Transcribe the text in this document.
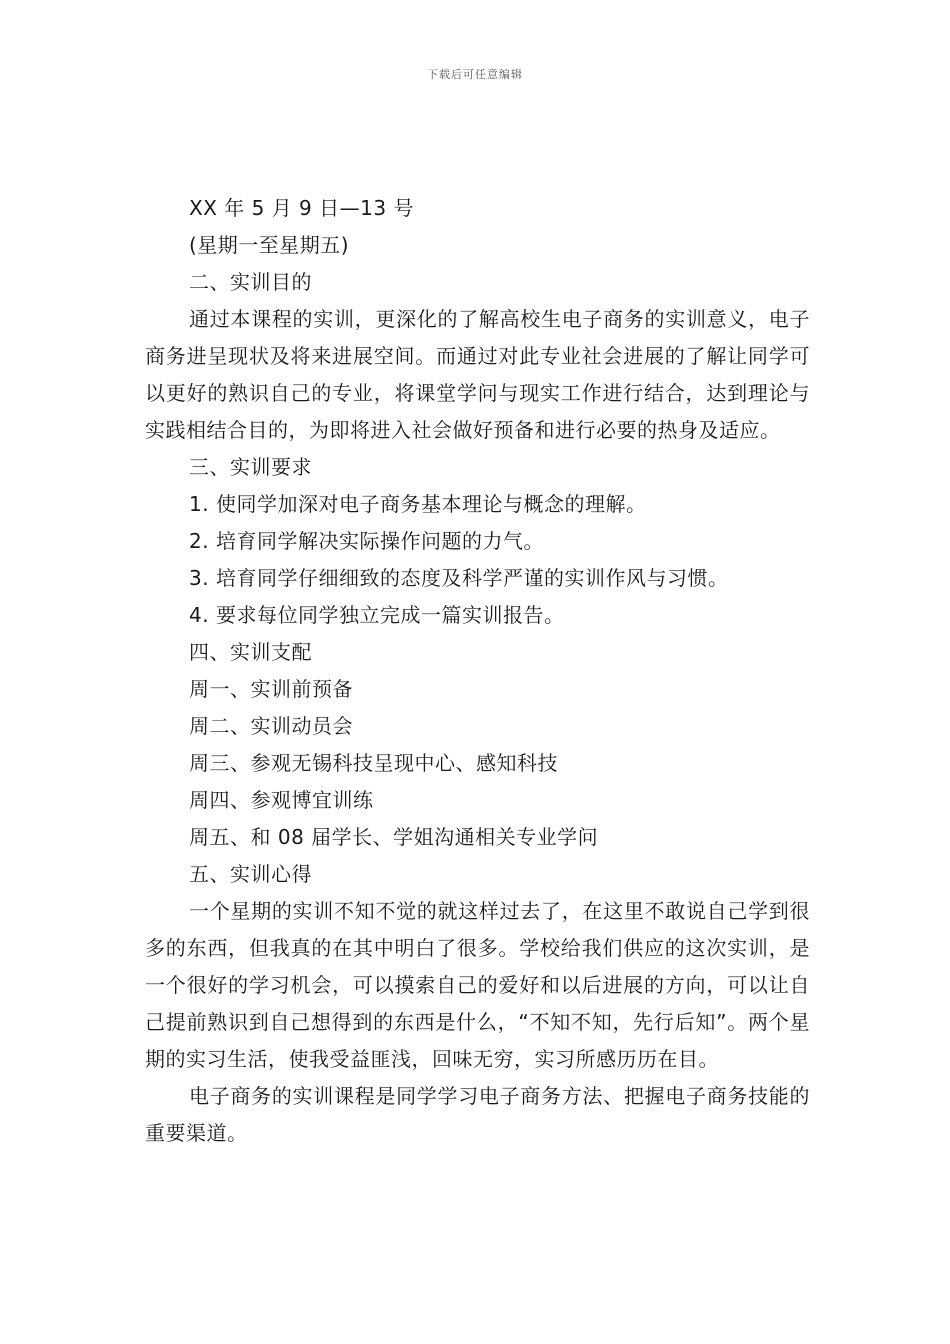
下载后可任意编辑
XX 年 5 月 9 日—13 号
(星期一至星期五)
二、实训目的

通过本课程的实训，更深化的了解高校生电子商务的实训意义，电子商务进呈现状及将来进展空间。而通过对此专业社会进展的了解让同学可以更好的熟识自己的专业，将课堂学问与现实工作进行结合，达到理论与实践相结合目的，为即将进入社会做好预备和进行必要的热身及适应。

三、实训要求
1. 使同学加深对电子商务基本理论与概念的理解。
2. 培育同学解决实际操作问题的力气。
3. 培育同学仔细细致的态度及科学严谨的实训作风与习惯。
4. 要求每位同学独立完成一篇实训报告。
四、实训支配
周一、实训前预备
周二、实训动员会
周三、参观无锡科技呈现中心、感知科技
周四、参观博宜训练
周五、和 08 届学长、学姐沟通相关专业学问
五、实训心得

一个星期的实训不知不觉的就这样过去了，在这里不敢说自己学到很多的东西，但我真的在其中明白了很多。学校给我们供应的这次实训，是一个很好的学习机会，可以摸索自己的爱好和以后进展的方向，可以让自己提前熟识到自己想得到的东西是什么，“不知不知，先行后知”。两个星期的实习生活，使我受益匪浅，回味无穷，实习所感历历在目。

电子商务的实训课程是同学学习电子商务方法、把握电子商务技能的重要渠道。
